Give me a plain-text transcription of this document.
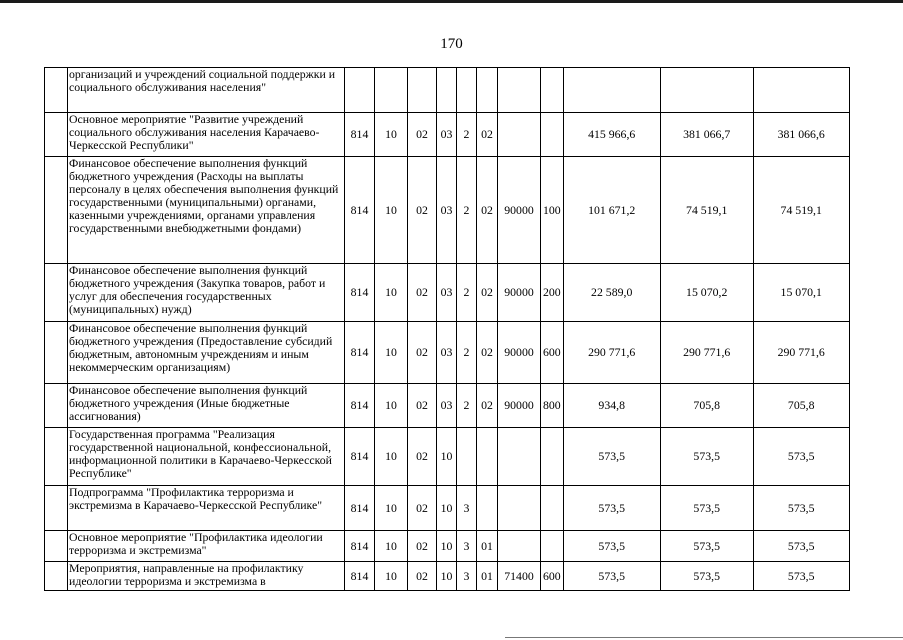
170
	организаций и учреждений социальной поддержки и социального обслуживания населения"											
	Основное мероприятие "Развитие учреждений социального обслуживания населения Карачаево-Черкесской Республики"	814	10	02	03	2	02			415 966,6	381 066,7	381 066,6
	Финансовое обеспечение выполнения функций бюджетного учреждения (Расходы на выплаты персоналу в целях обеспечения выполнения функций государственными (муниципальными) органами, казенными учреждениями, органами управления государственными внебюджетными фондами)	814	10	02	03	2	02	90000	100	101 671,2	74 519,1	74 519,1
	Финансовое обеспечение выполнения функций бюджетного учреждения (Закупка товаров, работ и услуг для обеспечения государственных (муниципальных) нужд)	814	10	02	03	2	02	90000	200	22 589,0	15 070,2	15 070,1
	Финансовое обеспечение выполнения функций бюджетного учреждения (Предоставление субсидий бюджетным, автономным учреждениям и иным некоммерческим организациям)	814	10	02	03	2	02	90000	600	290 771,6	290 771,6	290 771,6
	Финансовое обеспечение выполнения функций бюджетного учреждения (Иные бюджетные ассигнования)	814	10	02	03	2	02	90000	800	934,8	705,8	705,8
	Государственная программа "Реализация государственной национальной, конфессиональной, информационной политики в Карачаево-Черкесской Республике"	814	10	02	10					573,5	573,5	573,5
	Подпрограмма "Профилактика терроризма и экстремизма в Карачаево-Черкесской Республике"	814	10	02	10	3				573,5	573,5	573,5
	Основное мероприятие "Профилактика идеологии терроризма и экстремизма"	814	10	02	10	3	01			573,5	573,5	573,5
	Мероприятия, направленные на профилактику идеологии терроризма и экстремизма в	814	10	02	10	3	01	71400	600	573,5	573,5	573,5
